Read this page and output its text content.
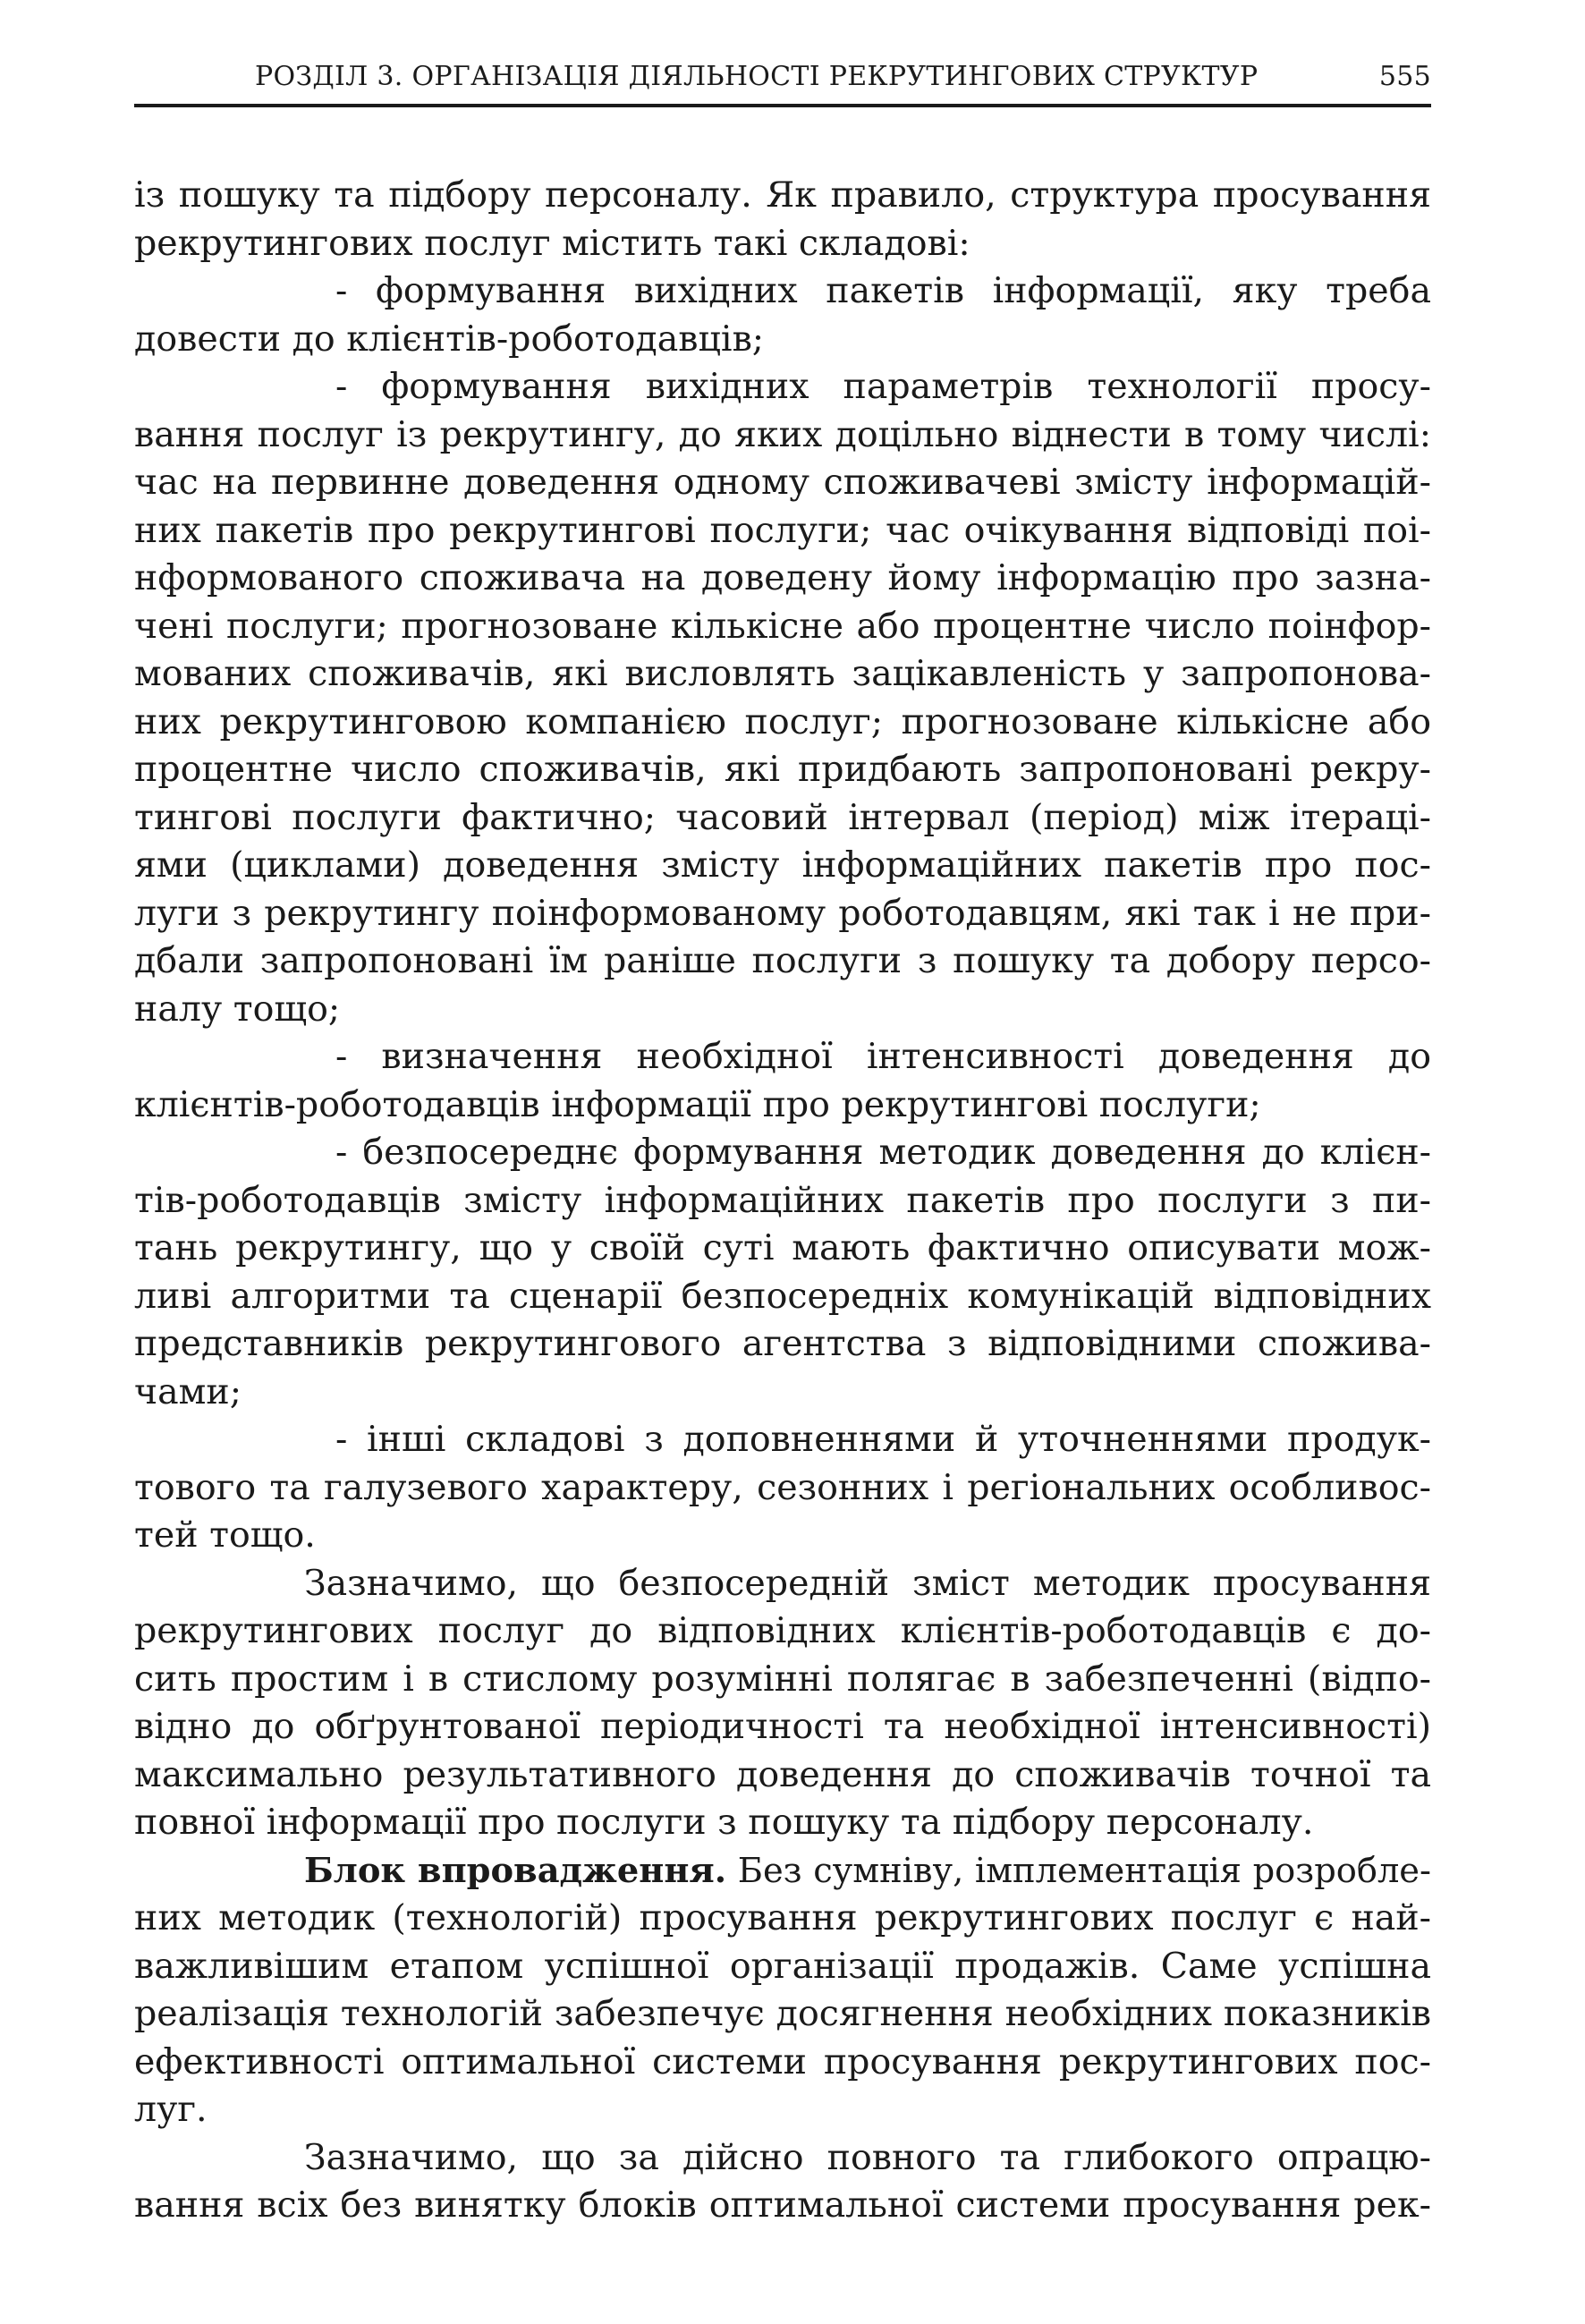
РОЗДІЛ 3. ОРГАНІЗАЦІЯ ДІЯЛЬНОСТІ РЕКРУТИНГОВИХ СТРУКТУР	555
із пошуку та підбору персоналу. Як правило, структура просування
рекрутингових послуг містить такі складові:
- формування вихідних пакетів інформації, яку треба
довести до клієнтів-роботодавців;
- формування вихідних параметрів технології просу-
вання послуг із рекрутингу, до яких доцільно віднести в тому числі:
час на первинне доведення одному споживачеві змісту інформацій-
них пакетів про рекрутингові послуги; час очікування відповіді поі-
нформованого споживача на доведену йому інформацію про зазна-
чені послуги; прогнозоване кількісне або процентне число поінфор-
мованих споживачів, які висловлять зацікавленість у запропонова-
них рекрутинговою компанією послуг; прогнозоване кількісне або
процентне число споживачів, які придбають запропоновані рекру-
тингові послуги фактично; часовий інтервал (період) між ітераці-
ями (циклами) доведення змісту інформаційних пакетів про пос-
луги з рекрутингу поінформованому роботодавцям, які так і не при-
дбали запропоновані їм раніше послуги з пошуку та добору персо-
налу тощо;
- визначення необхідної інтенсивності доведення до
клієнтів-роботодавців інформації про рекрутингові послуги;
- безпосереднє формування методик доведення до клієн-
тів-роботодавців змісту інформаційних пакетів про послуги з пи-
тань рекрутингу, що у своїй суті мають фактично описувати мож-
ливі алгоритми та сценарії безпосередніх комунікацій відповідних
представників рекрутингового агентства з відповідними спожива-
чами;
- інші складові з доповненнями й уточненнями продук-
тового та галузевого характеру, сезонних і регіональних особливос-
тей тощо.
Зазначимо, що безпосередній зміст методик просування
рекрутингових послуг до відповідних клієнтів-роботодавців є до-
сить простим і в стислому розумінні полягає в забезпеченні (відпо-
відно до обґрунтованої періодичності та необхідної інтенсивності)
максимально результативного доведення до споживачів точної та
повної інформації про послуги з пошуку та підбору персоналу.
Блок впровадження. Без сумніву, імплементація розробле-
них методик (технологій) просування рекрутингових послуг є най-
важливішим етапом успішної організації продажів. Саме успішна
реалізація технологій забезпечує досягнення необхідних показників
ефективності оптимальної системи просування рекрутингових пос-
луг.
Зазначимо, що за дійсно повного та глибокого опрацю-
вання всіх без винятку блоків оптимальної системи просування рек-
